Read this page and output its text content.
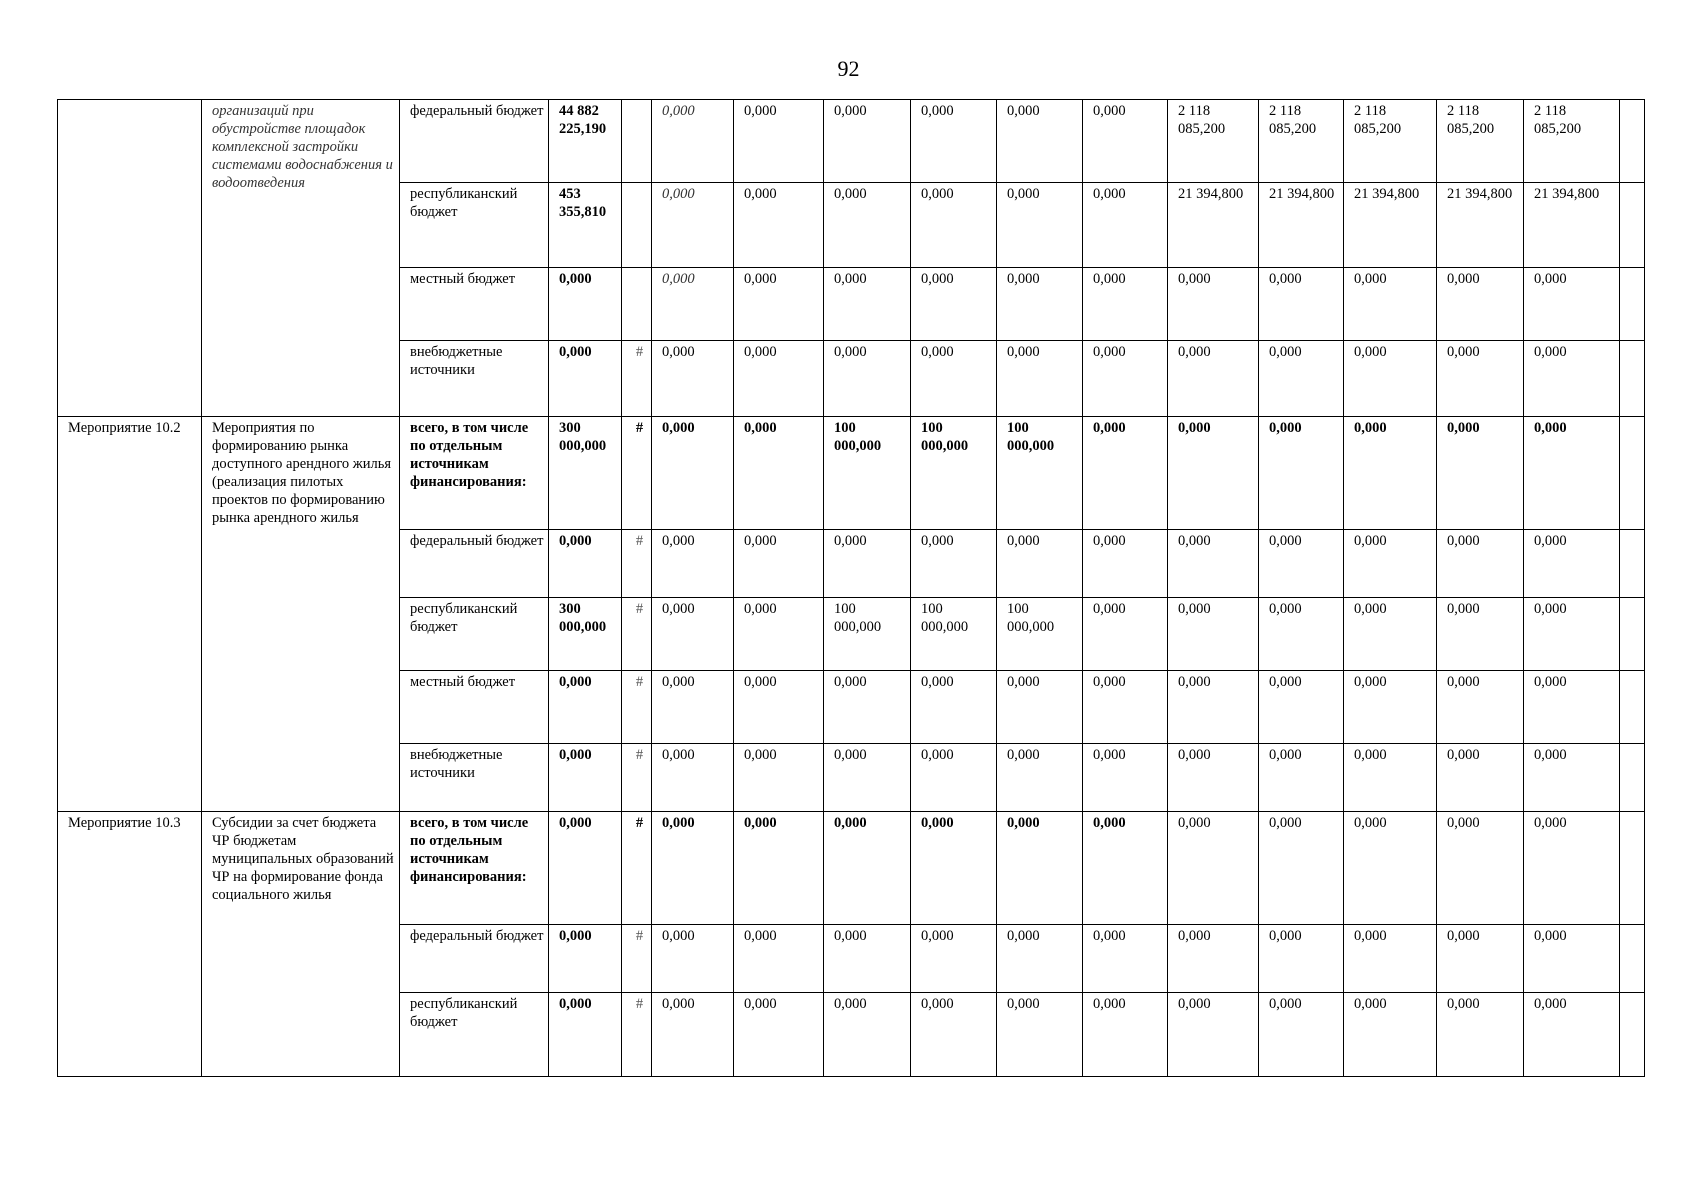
92
	организаций при обустройстве площадок комплексной застройки системами водоснабжения и водоотведения	федеральный бюджет	44 882 225,190		0,000	0,000	0,000	0,000	0,000	0,000	2 118 085,200	2 118 085,200	2 118 085,200	2 118 085,200	2 118 085,200	
		республиканский бюджет	453 355,810		0,000	0,000	0,000	0,000	0,000	0,000	21 394,800	21 394,800	21 394,800	21 394,800	21 394,800	
		местный бюджет	0,000		0,000	0,000	0,000	0,000	0,000	0,000	0,000	0,000	0,000	0,000	0,000	
		внебюджетные источники	0,000	#	0,000	0,000	0,000	0,000	0,000	0,000	0,000	0,000	0,000	0,000	0,000	
Мероприятие 10.2	Мероприятия по формированию рынка доступного арендного жилья (реализация пилотых проектов по формированию рынка арендного жилья	всего, в том числе по отдельным источникам финансирования:	300 000,000	#	0,000	0,000	100 000,000	100 000,000	100 000,000	0,000	0,000	0,000	0,000	0,000	0,000	
		федеральный бюджет	0,000	#	0,000	0,000	0,000	0,000	0,000	0,000	0,000	0,000	0,000	0,000	0,000	
		республиканский бюджет	300 000,000	#	0,000	0,000	100 000,000	100 000,000	100 000,000	0,000	0,000	0,000	0,000	0,000	0,000	
		местный бюджет	0,000	#	0,000	0,000	0,000	0,000	0,000	0,000	0,000	0,000	0,000	0,000	0,000	
		внебюджетные источники	0,000	#	0,000	0,000	0,000	0,000	0,000	0,000	0,000	0,000	0,000	0,000	0,000	
Мероприятие 10.3	Субсидии за счет бюджета ЧР бюджетам муниципальных образований ЧР на формирование фонда социального жилья	всего, в том числе по отдельным источникам финансирования:	0,000	#	0,000	0,000	0,000	0,000	0,000	0,000	0,000	0,000	0,000	0,000	0,000	
		федеральный бюджет	0,000	#	0,000	0,000	0,000	0,000	0,000	0,000	0,000	0,000	0,000	0,000	0,000	
		республиканский бюджет	0,000	#	0,000	0,000	0,000	0,000	0,000	0,000	0,000	0,000	0,000	0,000	0,000	
